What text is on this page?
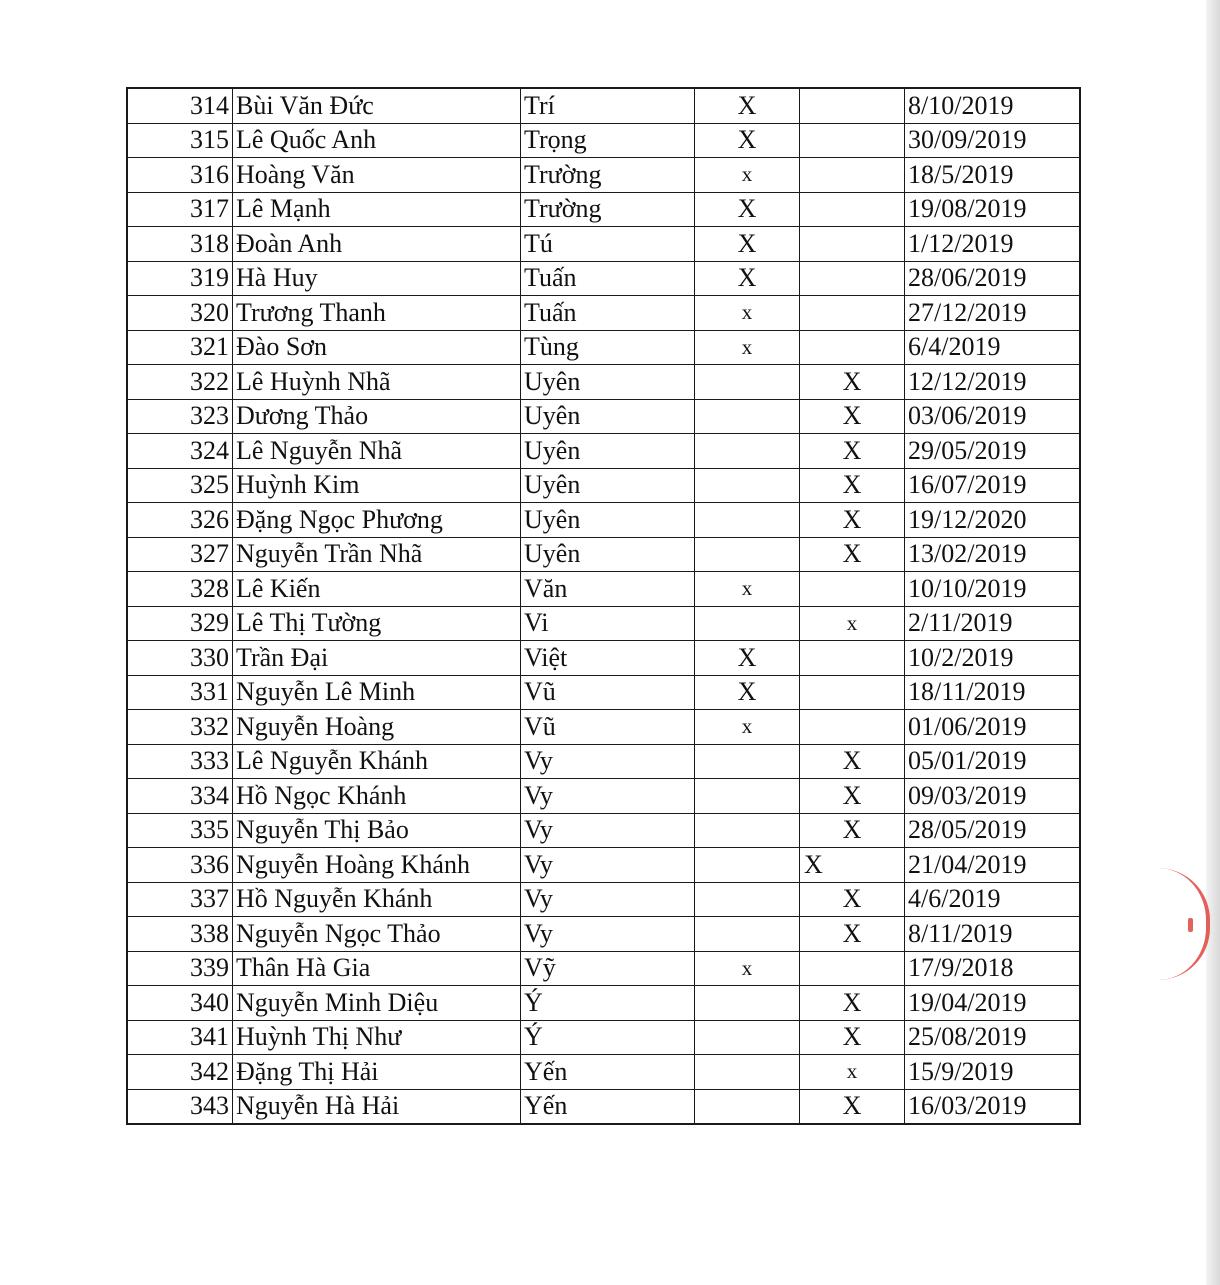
314	Bùi Văn Đức	Trí	X		8/10/2019
315	Lê Quốc Anh	Trọng	X		30/09/2019
316	Hoàng Văn	Trường	x		18/5/2019
317	Lê Mạnh	Trường	X		19/08/2019
318	Đoàn Anh	Tú	X		1/12/2019
319	Hà Huy	Tuấn	X		28/06/2019
320	Trương Thanh	Tuấn	x		27/12/2019
321	Đào Sơn	Tùng	x		6/4/2019
322	Lê Huỳnh Nhã	Uyên		X	12/12/2019
323	Dương Thảo	Uyên		X	03/06/2019
324	Lê Nguyễn Nhã	Uyên		X	29/05/2019
325	Huỳnh Kim	Uyên		X	16/07/2019
326	Đặng Ngọc Phương	Uyên		X	19/12/2020
327	Nguyễn Trần Nhã	Uyên		X	13/02/2019
328	Lê Kiến	Văn	x		10/10/2019
329	Lê Thị Tường	Vi		x	2/11/2019
330	Trần Đại	Việt	X		10/2/2019
331	Nguyễn Lê Minh	Vũ	X		18/11/2019
332	Nguyễn Hoàng	Vũ	x		01/06/2019
333	Lê Nguyễn Khánh	Vy		X	05/01/2019
334	Hồ Ngọc Khánh	Vy		X	09/03/2019
335	Nguyễn Thị Bảo	Vy		X	28/05/2019
336	Nguyễn Hoàng Khánh	Vy		X	21/04/2019
337	Hồ Nguyễn Khánh	Vy		X	4/6/2019
338	Nguyễn Ngọc Thảo	Vy		X	8/11/2019
339	Thân Hà Gia	Vỹ	x		17/9/2018
340	Nguyễn Minh Diệu	Ý		X	19/04/2019
341	Huỳnh Thị Như	Ý		X	25/08/2019
342	Đặng Thị Hải	Yến		x	15/9/2019
343	Nguyễn Hà Hải	Yến		X	16/03/2019
